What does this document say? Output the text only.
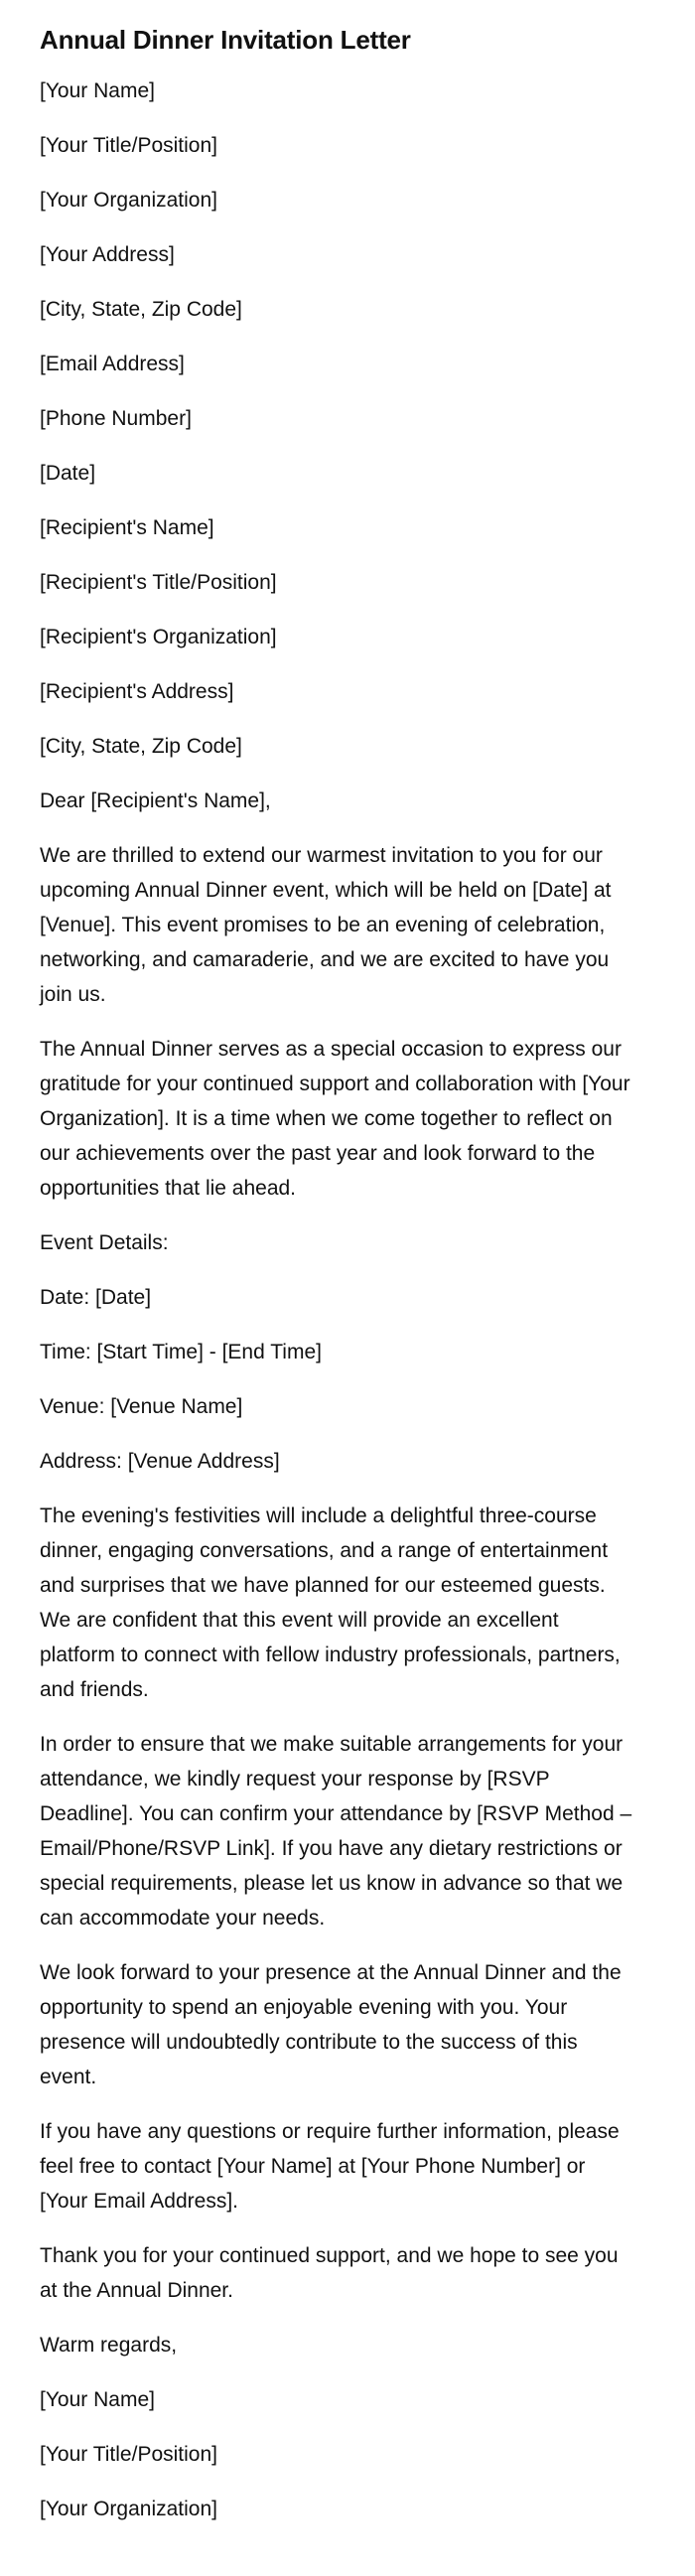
Annual Dinner Invitation Letter
[Your Name]
[Your Title/Position]
[Your Organization]
[Your Address]
[City, State, Zip Code]
[Email Address]
[Phone Number]
[Date]
[Recipient's Name]
[Recipient's Title/Position]
[Recipient's Organization]
[Recipient's Address]
[City, State, Zip Code]
Dear [Recipient's Name],

We are thrilled to extend our warmest invitation to you for our upcoming Annual Dinner event, which will be held on [Date] at [Venue]. This event promises to be an evening of celebration, networking, and camaraderie, and we are excited to have you join us.

The Annual Dinner serves as a special occasion to express our gratitude for your continued support and collaboration with [Your Organization]. It is a time when we come together to reflect on our achievements over the past year and look forward to the opportunities that lie ahead.

Event Details:
Date: [Date]
Time: [Start Time] - [End Time]
Venue: [Venue Name]
Address: [Venue Address]

The evening's festivities will include a delightful three-course dinner, engaging conversations, and a range of entertainment and surprises that we have planned for our esteemed guests. We are confident that this event will provide an excellent platform to connect with fellow industry professionals, partners, and friends.

In order to ensure that we make suitable arrangements for your attendance, we kindly request your response by [RSVP Deadline]. You can confirm your attendance by [RSVP Method – Email/Phone/RSVP Link]. If you have any dietary restrictions or special requirements, please let us know in advance so that we can accommodate your needs.

We look forward to your presence at the Annual Dinner and the opportunity to spend an enjoyable evening with you. Your presence will undoubtedly contribute to the success of this event.

If you have any questions or require further information, please feel free to contact [Your Name] at [Your Phone Number] or [Your Email Address].

Thank you for your continued support, and we hope to see you at the Annual Dinner.

Warm regards,
[Your Name]
[Your Title/Position]
[Your Organization]
